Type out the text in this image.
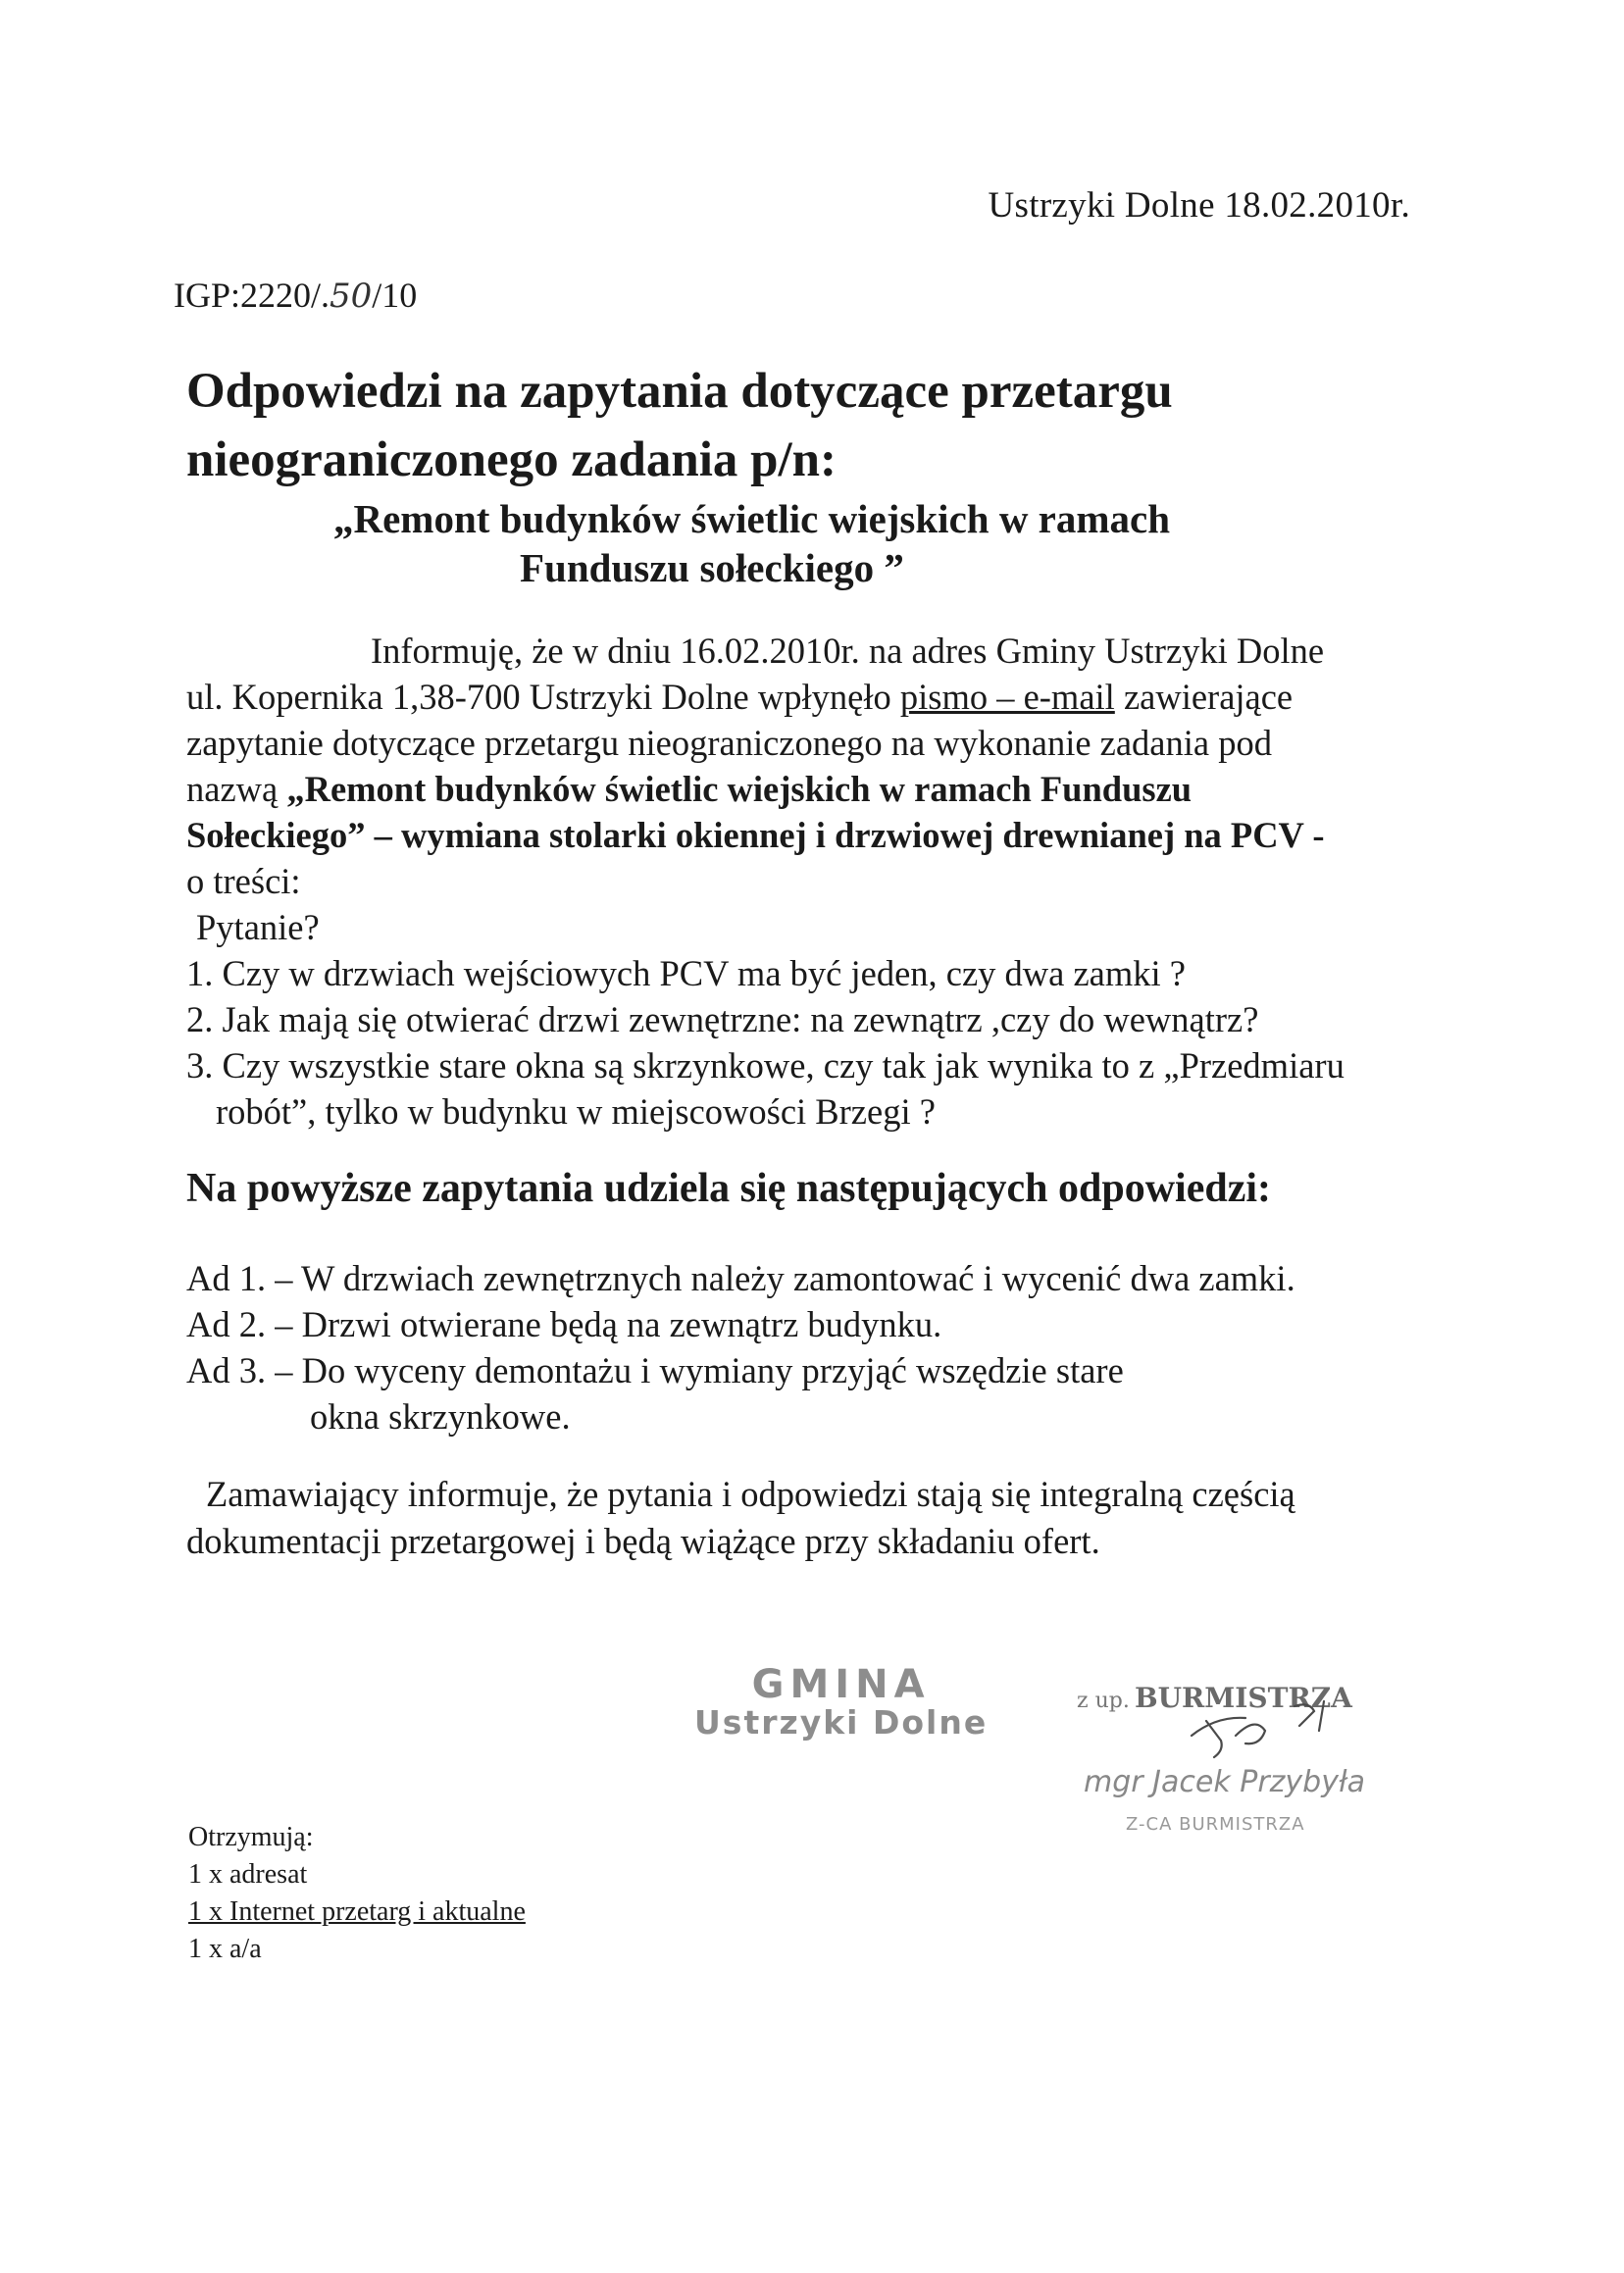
Ustrzyki Dolne 18.02.2010r.
IGP:2220/.50/10
Odpowiedzi na zapytania dotyczące przetargu
nieograniczonego zadania p/n:
„Remont budynków świetlic wiejskich w ramach
Funduszu sołeckiego ”

Informuję, że w dniu 16.02.2010r. na adres Gminy Ustrzyki Dolne

ul. Kopernika 1,38-700 Ustrzyki Dolne wpłynęło pismo – e-mail zawierające

zapytanie dotyczące przetargu nieograniczonego na wykonanie zadania pod

nazwą „Remont budynków świetlic wiejskich w ramach Funduszu

Sołeckiego” – wymiana stolarki okiennej i drzwiowej drewnianej na PCV -

o treści:

Pytanie?

1. Czy w drzwiach wejściowych PCV ma być jeden, czy dwa zamki ?

2. Jak mają się otwierać drzwi zewnętrzne: na zewnątrz ,czy do wewnątrz?

3. Czy wszystkie stare okna są skrzynkowe, czy tak jak wynika to z „Przedmiaru

robót”, tylko w budynku w miejscowości Brzegi ?

Na powyższe zapytania udziela się następujących odpowiedzi:
Ad 1. – W drzwiach zewnętrznych należy zamontować i wycenić dwa zamki.
Ad 2. – Drzwi otwierane będą na zewnątrz budynku.
Ad 3. – Do wyceny demontażu i wymiany przyjąć wszędzie stare
okna skrzynkowe.
Zamawiający informuje, że pytania i odpowiedzi stają się integralną częścią
dokumentacji przetargowej i będą wiążące przy składaniu ofert.
GMINA
Ustrzyki Dolne
z up. BURMISTRZA
mgr Jacek Przybyła
Z-CA BURMISTRZA
Otrzymują:
1 x adresat
1 x Internet przetarg i aktualne
1 x a/a
